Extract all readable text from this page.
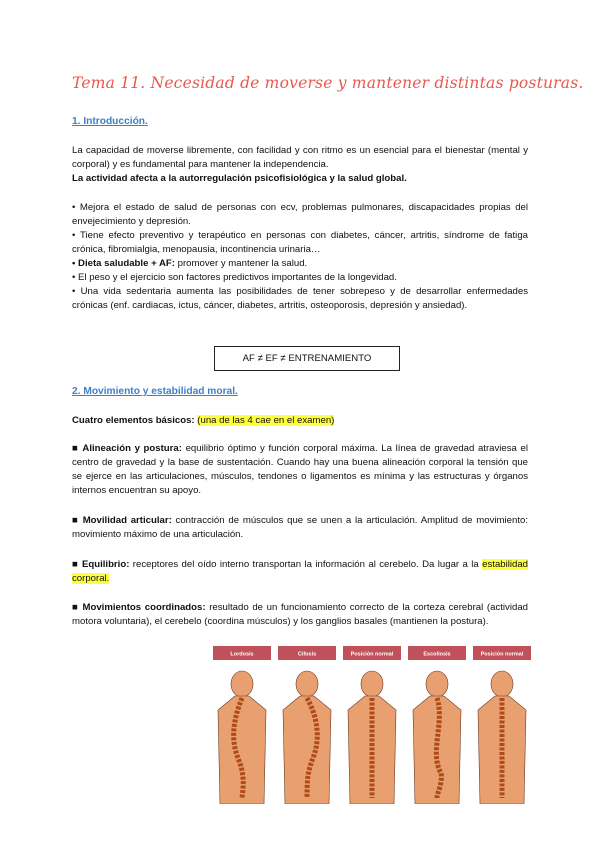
Tema 11. Necesidad de moverse y mantener distintas posturas.
1. Introducción.
La capacidad de moverse libremente, con facilidad y con ritmo es un esencial para el bienestar (mental y corporal) y es fundamental para mantener la independencia.
La actividad afecta a la autorregulación psicofisiológica y la salud global.
• Mejora el estado de salud de personas con ecv, problemas pulmonares, discapacidades propias del envejecimiento y depresión.
• Tiene efecto preventivo y terapéutico en personas con diabetes, cáncer, artritis, síndrome de fatiga crónica, fibromialgia, menopausia, incontinencia urinaria…
• Dieta saludable + AF: promover y mantener la salud.
• El peso y el ejercicio son factores predictivos importantes de la longevidad.
• Una vida sedentaria aumenta las posibilidades de tener sobrepeso y de desarrollar enfermedades crónicas (enf. cardiacas, ictus, cáncer, diabetes, artritis, osteoporosis, depresión y ansiedad).
AF ≠ EF ≠ ENTRENAMIENTO
2. Movimiento y estabilidad moral.
Cuatro elementos básicos: (una de las 4 cae en el examen)
■ Alineación y postura: equilibrio óptimo y función corporal máxima. La línea de gravedad atraviesa el centro de gravedad y la base de sustentación. Cuando hay una buena alineación corporal la tensión que se ejerce en las articulaciones, músculos, tendones o ligamentos es mínima y las estructuras y órganos internos encuentran su apoyo.
■ Movilidad articular: contracción de músculos que se unen a la articulación. Amplitud de movimiento: movimiento máximo de una articulación.
■ Equilibrio: receptores del oído interno transportan la información al cerebelo. Da lugar a la estabilidad corporal.
■ Movimientos coordinados: resultado de un funcionamiento correcto de la corteza cerebral (actividad motora voluntaria), el cerebelo (coordina músculos) y los ganglios basales (mantienen la postura).
Lordosis	Cifosis	Posición normal	Escoliosis	Posición normal
